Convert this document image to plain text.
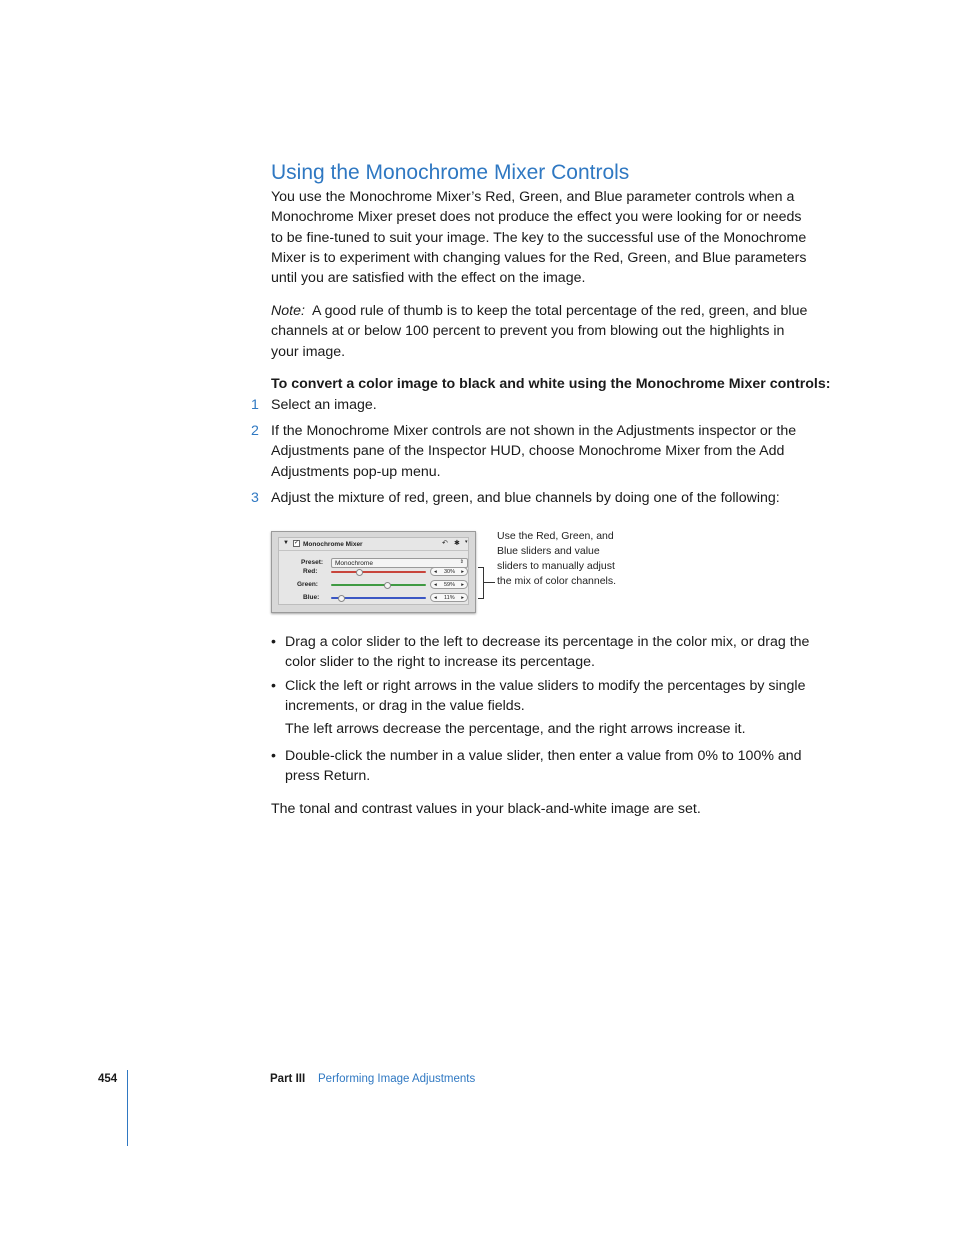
Using the Monochrome Mixer Controls
You use the Monochrome Mixer’s Red, Green, and Blue parameter controls when a
Monochrome Mixer preset does not produce the effect you were looking for or needs
to be fine-tuned to suit your image. The key to the successful use of the Monochrome
Mixer is to experiment with changing values for the Red, Green, and Blue parameters
until you are satisfied with the effect on the image.
Note:  A good rule of thumb is to keep the total percentage of the red, green, and blue
channels at or below 100 percent to prevent you from blowing out the highlights in
your image.
To convert a color image to black and white using the Monochrome Mixer controls:
1 Select an image.
2 If the Monochrome Mixer controls are not shown in the Adjustments inspector or the
Adjustments pane of the Inspector HUD, choose Monochrome Mixer from the Add
Adjustments pop-up menu.
3 Adjust the mixture of red, green, and blue channels by doing one of the following:
▼ ✓ Monochrome Mixer	↶ ✱ ▾
Preset: Monochrome	⇕
Red:	◂ 30% ▸
Green:	◂ 59% ▸
Blue:	◂ 11% ▸
Use the Red, Green, and
Blue sliders and value
sliders to manually adjust
the mix of color channels.
• Drag a color slider to the left to decrease its percentage in the color mix, or drag the
color slider to the right to increase its percentage.
• Click the left or right arrows in the value sliders to modify the percentages by single
increments, or drag in the value fields.
The left arrows decrease the percentage, and the right arrows increase it.
• Double-click the number in a value slider, then enter a value from 0% to 100% and
press Return.
The tonal and contrast values in your black-and-white image are set.
454	Part III Performing Image Adjustments
